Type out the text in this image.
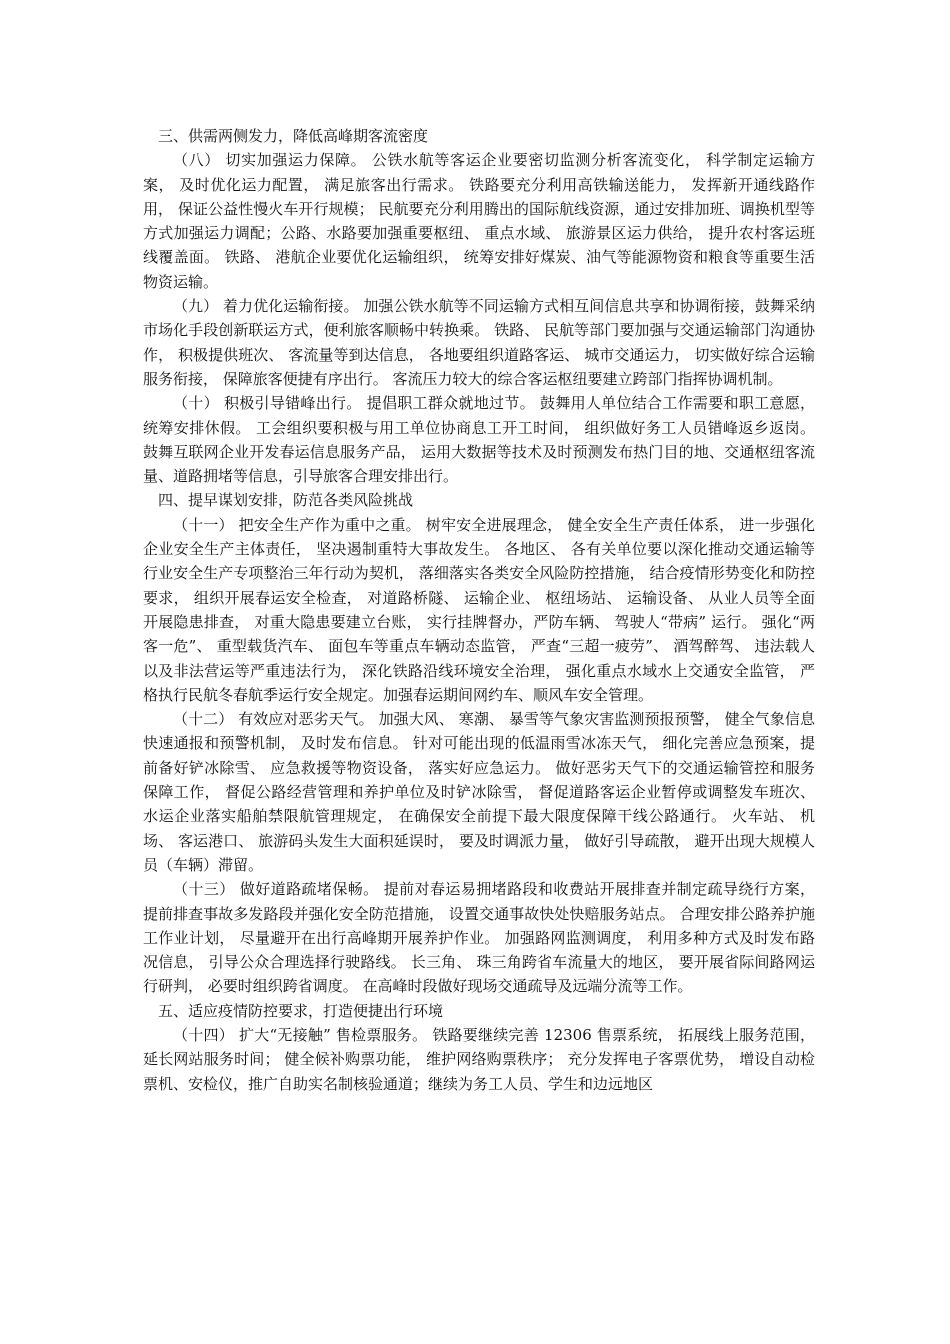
三、供需两侧发力，降低高峰期客流密度

（八） 切实加强运力保障。 公铁水航等客运企业要密切监测分析客流变化， 科学制定运输方案， 及时优化运力配置， 满足旅客出行需求。 铁路要充分利用高铁输送能力， 发挥新开通线路作用， 保证公益性慢火车开行规模； 民航要充分利用腾出的国际航线资源，通过安排加班、调换机型等方式加强运力调配；公路、水路要加强重要枢纽、 重点水域、 旅游景区运力供给， 提升农村客运班线覆盖面。 铁路、 港航企业要优化运输组织， 统筹安排好煤炭、油气等能源物资和粮食等重要生活物资运输。

（九） 着力优化运输衔接。 加强公铁水航等不同运输方式相互间信息共享和协调衔接，鼓舞采纳市场化手段创新联运方式，便利旅客顺畅中转换乘。 铁路、 民航等部门要加强与交通运输部门沟通协作， 积极提供班次、 客流量等到达信息， 各地要组织道路客运、 城市交通运力， 切实做好综合运输服务衔接， 保障旅客便捷有序出行。 客流压力较大的综合客运枢纽要建立跨部门指挥协调机制。

（十） 积极引导错峰出行。 提倡职工群众就地过节。 鼓舞用人单位结合工作需要和职工意愿， 统筹安排休假。 工会组织要积极与用工单位协商息工开工时间， 组织做好务工人员错峰返乡返岗。 鼓舞互联网企业开发春运信息服务产品， 运用大数据等技术及时预测发布热门目的地、交通枢纽客流量、道路拥堵等信息，引导旅客合理安排出行。

四、提早谋划安排，防范各类风险挑战

（十一） 把安全生产作为重中之重。 树牢安全进展理念， 健全安全生产责任体系， 进一步强化企业安全生产主体责任， 坚决遏制重特大事故发生。 各地区、 各有关单位要以深化推动交通运输等行业安全生产专项整治三年行动为契机， 落细落实各类安全风险防控措施， 结合疫情形势变化和防控要求， 组织开展春运安全检查， 对道路桥隧、 运输企业、 枢纽场站、 运输设备、 从业人员等全面开展隐患排查， 对重大隐患要建立台账， 实行挂牌督办，严防车辆、 驾驶人“带病” 运行。 强化“两客一危”、 重型载货汽车、 面包车等重点车辆动态监管， 严查“三超一疲劳”、 酒驾醉驾、 违法载人以及非法营运等严重违法行为， 深化铁路沿线环境安全治理， 强化重点水域水上交通安全监管， 严格执行民航冬春航季运行安全规定。加强春运期间网约车、顺风车安全管理。

（十二） 有效应对恶劣天气。 加强大风、 寒潮、 暴雪等气象灾害监测预报预警， 健全气象信息快速通报和预警机制， 及时发布信息。 针对可能出现的低温雨雪冰冻天气， 细化完善应急预案，提前备好铲冰除雪、 应急救援等物资设备， 落实好应急运力。 做好恶劣天气下的交通运输管控和服务保障工作， 督促公路经营管理和养护单位及时铲冰除雪， 督促道路客运企业暂停或调整发车班次、 水运企业落实船舶禁限航管理规定， 在确保安全前提下最大限度保障干线公路通行。 火车站、 机场、 客运港口、 旅游码头发生大面积延误时， 要及时调派力量， 做好引导疏散， 避开出现大规模人员（车辆）滞留。

（十三） 做好道路疏堵保畅。 提前对春运易拥堵路段和收费站开展排查并制定疏导绕行方案， 提前排查事故多发路段并强化安全防范措施， 设置交通事故快处快赔服务站点。 合理安排公路养护施工作业计划， 尽量避开在出行高峰期开展养护作业。 加强路网监测调度， 利用多种方式及时发布路况信息， 引导公众合理选择行驶路线。 长三角、 珠三角跨省车流量大的地区， 要开展省际间路网运行研判， 必要时组织跨省调度。 在高峰时段做好现场交通疏导及远端分流等工作。

五、适应疫情防控要求，打造便捷出行环境

（十四） 扩大“无接触” 售检票服务。 铁路要继续完善 12306 售票系统， 拓展线上服务范围， 延长网站服务时间； 健全候补购票功能， 维护网络购票秩序； 充分发挥电子客票优势， 增设自动检票机、安检仪，推广自助实名制核验通道；继续为务工人员、学生和边远地区
